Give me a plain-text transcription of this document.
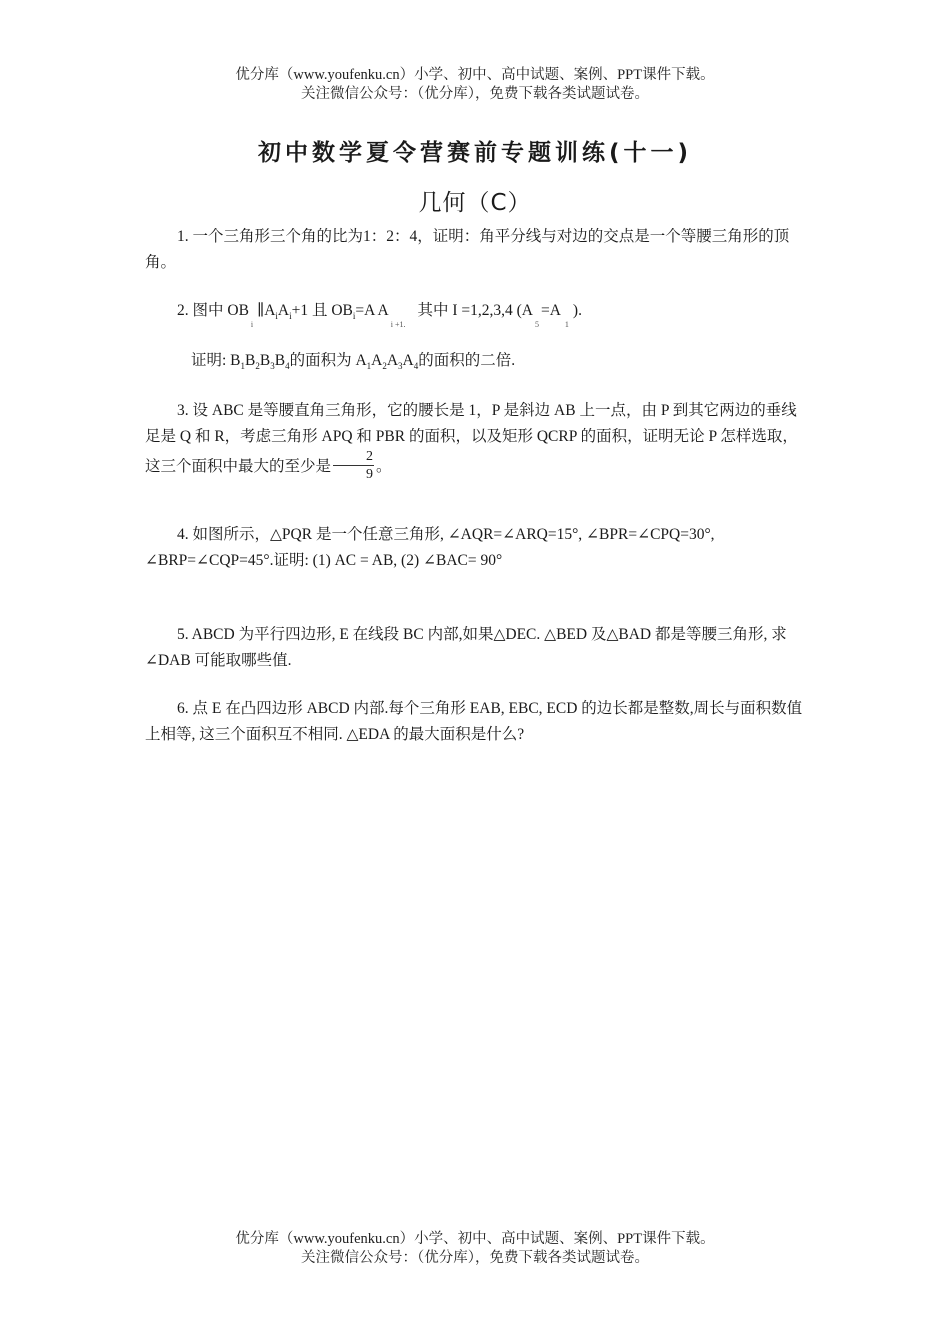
优分库（www.youfenku.cn）小学、初中、高中试题、案例、PPT课件下载。
关注微信公众号：（优分库），免费下载各类试题试卷。
初中数学夏令营赛前专题训练(十一)
几何（C）
1. 一个三角形三个角的比为1：2：4，证明：角平分线与对边的交点是一个等腰三角形的顶角。
2. 图中 $OB_i$ $\parallel A_iA_i+1$ 且 $OB_i=A$ $A_{i +1.}$其中 I =1,2,3,4 $(A_5=A_1)$.
证明: $B_1B_2B_3B_4$的面积为 $A_1A_2A_3A_4$的面积的二倍.
3. 设 ABC 是等腰直角三角形，它的腰长是 1，P 是斜边 AB 上一点，由 P 到其它两边的垂线足是 Q 和 R，考虑三角形 APQ 和 PBR 的面积，以及矩形 QCRP 的面积，证明无论 P 怎样选取，这三个面积中最大的至少是 $\frac{2}{9}$ 。
4. 如图所示，△PQR 是一个任意三角形, ∠AQR=∠ARQ=15°, ∠BPR=∠CPQ=30°, ∠BRP=∠CQP=45°.证明: (1) AC = AB, (2) ∠BAC= 90°
5. ABCD 为平行四边形, E 在线段 BC 内部,如果△DEC. △BED 及△BAD 都是等腰三角形, 求∠DAB 可能取哪些值.
6. 点 E 在凸四边形 ABCD 内部.每个三角形 EAB, EBC, ECD 的边长都是整数,周长与面积数值上相等, 这三个面积互不相同. △EDA 的最大面积是什么?
优分库（www.youfenku.cn）小学、初中、高中试题、案例、PPT课件下载。
关注微信公众号：（优分库），免费下载各类试题试卷。
